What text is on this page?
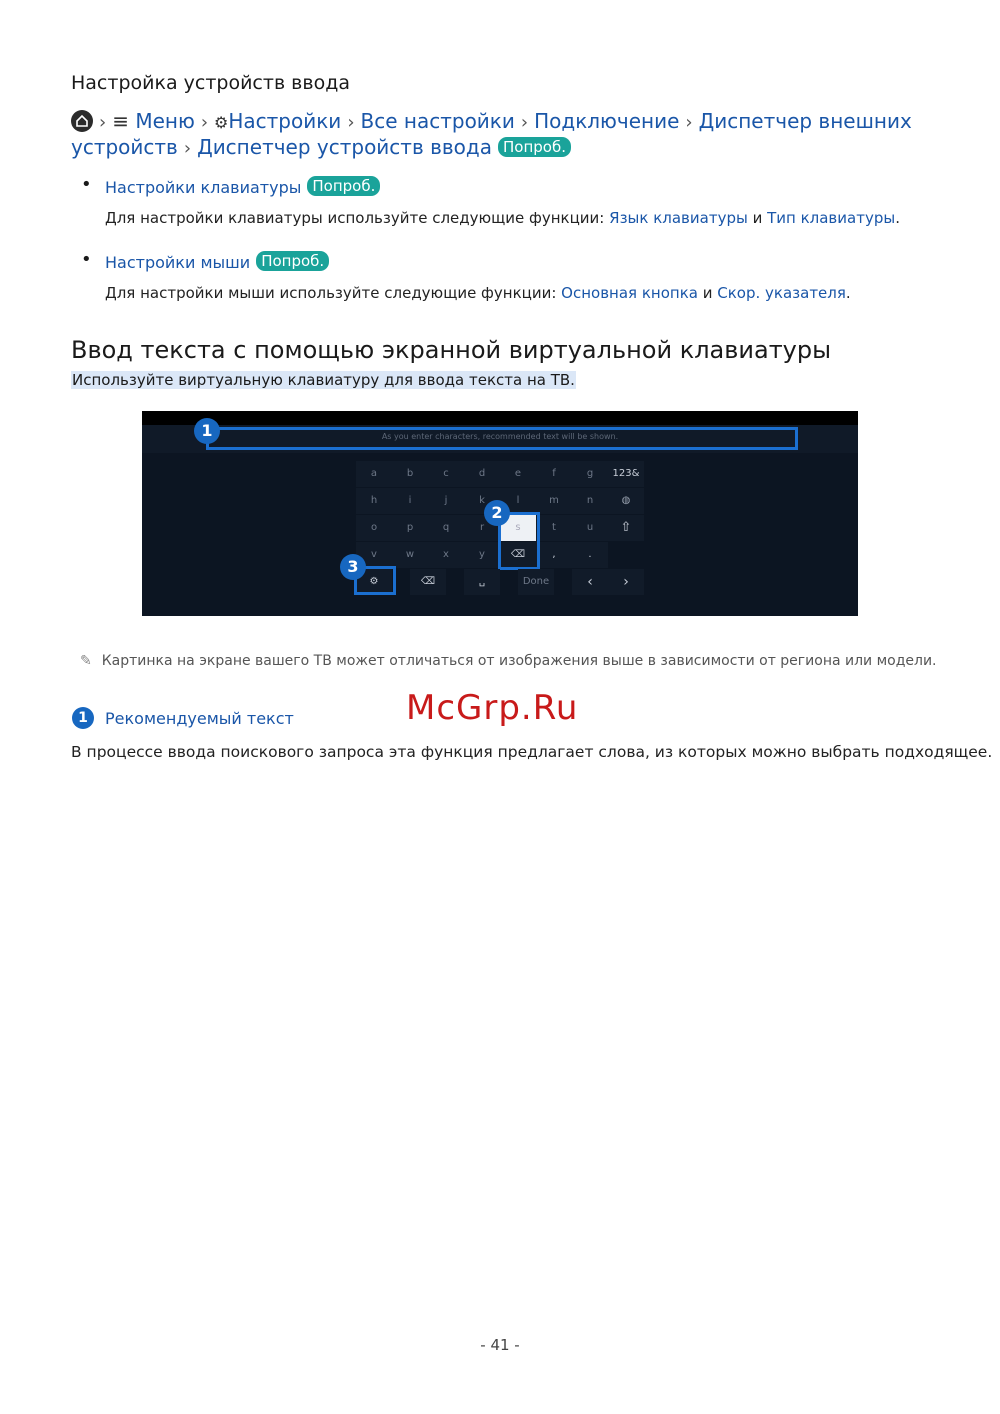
Настройка устройств ввода
› ≡ Меню › ⚙Настройки › Все настройки › Подключение › Диспетчер внешних устройств › Диспетчер устройств ввода Попроб.
• Настройки клавиатуры Попроб.
Для настройки клавиатуры используйте следующие функции: Язык клавиатуры и Тип клавиатуры.
• Настройки мыши Попроб.
Для настройки мыши используйте следующие функции: Основная кнопка и Скор. указателя.
Ввод текста с помощью экранной виртуальной клавиатуры
Используйте виртуальную клавиатуру для ввода текста на ТВ.
As you enter characters, recommended text will be shown.
1
a	b	c	d	e	f	g	123&
h	i	j	k	l	m	n	◍
o	p	q	r	s	t	u	⇧
v	w	x	y	⌫	,	.
2
⚙	⌫	␣	Done	‹	›
3
✎ Картинка на экране вашего ТВ может отличаться от изображения выше в зависимости от региона или модели.
McGrp.Ru
1	Рекомендуемый текст
В процессе ввода поискового запроса эта функция предлагает слова, из которых можно выбрать подходящее.
- 41 -
